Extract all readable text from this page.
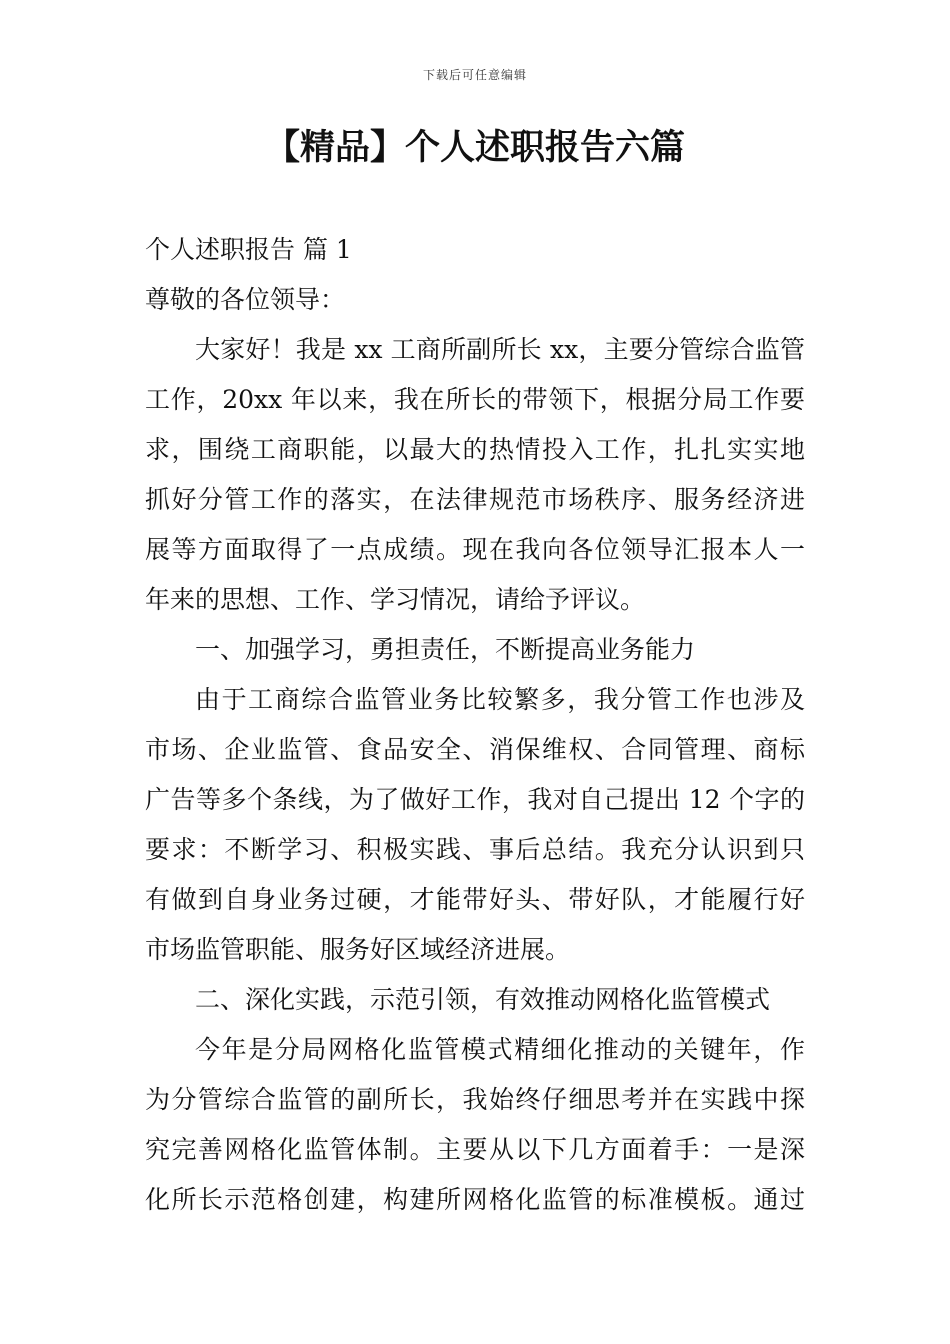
下载后可任意编辑
【精品】个人述职报告六篇
个人述职报告 篇 1
尊敬的各位领导：
大家好！我是 xx 工商所副所长 xx，主要分管综合监管
工作，20xx 年以来，我在所长的带领下，根据分局工作要
求，围绕工商职能，以最大的热情投入工作，扎扎实实地
抓好分管工作的落实，在法律规范市场秩序、服务经济进
展等方面取得了一点成绩。现在我向各位领导汇报本人一
年来的思想、工作、学习情况，请给予评议。
一、加强学习，勇担责任，不断提高业务能力
由于工商综合监管业务比较繁多，我分管工作也涉及
市场、企业监管、食品安全、消保维权、合同管理、商标
广告等多个条线，为了做好工作，我对自己提出 12 个字的
要求：不断学习、积极实践、事后总结。我充分认识到只
有做到自身业务过硬，才能带好头、带好队，才能履行好
市场监管职能、服务好区域经济进展。
二、深化实践，示范引领，有效推动网格化监管模式
今年是分局网格化监管模式精细化推动的关键年，作
为分管综合监管的副所长，我始终仔细思考并在实践中探
究完善网格化监管体制。主要从以下几方面着手：一是深
化所长示范格创建，构建所网格化监管的标准模板。通过
